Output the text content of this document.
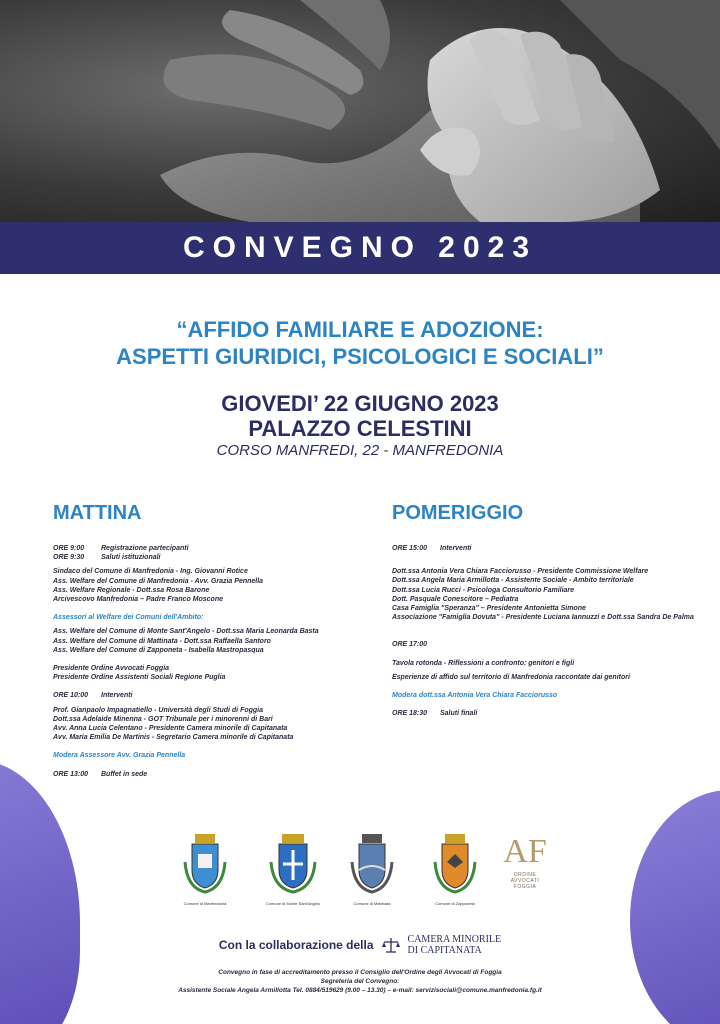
CONVEGNO 2023
“AFFIDO FAMILIARE E ADOZIONE:
ASPETTI GIURIDICI, PSICOLOGICI E SOCIALI”
GIOVEDI’ 22 GIUGNO 2023
PALAZZO CELESTINI
CORSO MANFREDI, 22 - MANFREDONIA
MATTINA
ORE 9:00	Registrazione partecipanti
ORE 9:30	Saluti istituzionali
Sindaco del Comune di Manfredonia - Ing. Giovanni Rotice
Ass. Welfare del Comune di Manfredonia - Avv. Grazia Pennella
Ass. Welfare Regionale - Dott.ssa Rosa Barone
Arcivescovo Manfredonia – Padre Franco Moscone
Assessori al Welfare dei Comuni dell'Ambito:
Ass. Welfare del Comune di Monte Sant'Angelo - Dott.ssa Maria Leonarda Basta
Ass. Welfare del Comune di Mattinata - Dott.ssa Raffaella Santoro
Ass. Welfare del Comune di Zapponeta - Isabella Mastropasqua
Presidente Ordine Avvocati Foggia
Presidente Ordine Assistenti Sociali Regione Puglia
ORE 10:00	Interventi
Prof. Gianpaolo Impagnatiello - Università degli Studi di Foggia
Dott.ssa Adelaide Minenna - GOT Tribunale per i minorenni di Bari
Avv. Anna Lucia Celentano - Presidente Camera minorile di Capitanata
Avv. Maria Emilia De Martinis - Segretario Camera minorile di Capitanata
Modera Assessore Avv. Grazia Pennella
ORE 13:00	Buffet in sede
POMERIGGIO
ORE 15:00	Interventi
Dott.ssa Antonia Vera Chiara Facciorusso - Presidente Commissione Welfare
Dott.ssa Angela Maria Armillotta - Assistente Sociale - Ambito territoriale
Dott.ssa Lucia Rucci - Psicologa Consultorio Familiare
Dott. Pasquale Conescitore – Pediatra
Casa Famiglia "Speranza" – Presidente Antonietta Simone
Associazione "Famiglia Dovuta" - Presidente Luciana Iannuzzi e Dott.ssa Sandra De Palma
ORE 17:00
Tavola rotonda - Riflessioni a confronto: genitori e figli
Esperienze di affido sul territorio di Manfredonia raccontate dai genitori
Modera dott.ssa Antonia Vera Chiara Facciorusso
ORE 18:30	Saluti finali
Comune di Manfredonia	Comune di Monte Sant'Angelo	Comune di Mattinata	Comune di Zapponeta
AF
ORDINE
AVVOCATI
FOGGIA
Con la collaborazione della	CAMERA MINORILE
DI CAPITANATA
Convegno in fase di accreditamento presso il Consiglio dell'Ordine degli Avvocati di Foggia
Segreteria del Convegno:
Assistente Sociale Angela Armillotta Tel. 0884/519629 (9.00 – 13.30) – e-mail: servizisociali@comune.manfredonia.fg.it
